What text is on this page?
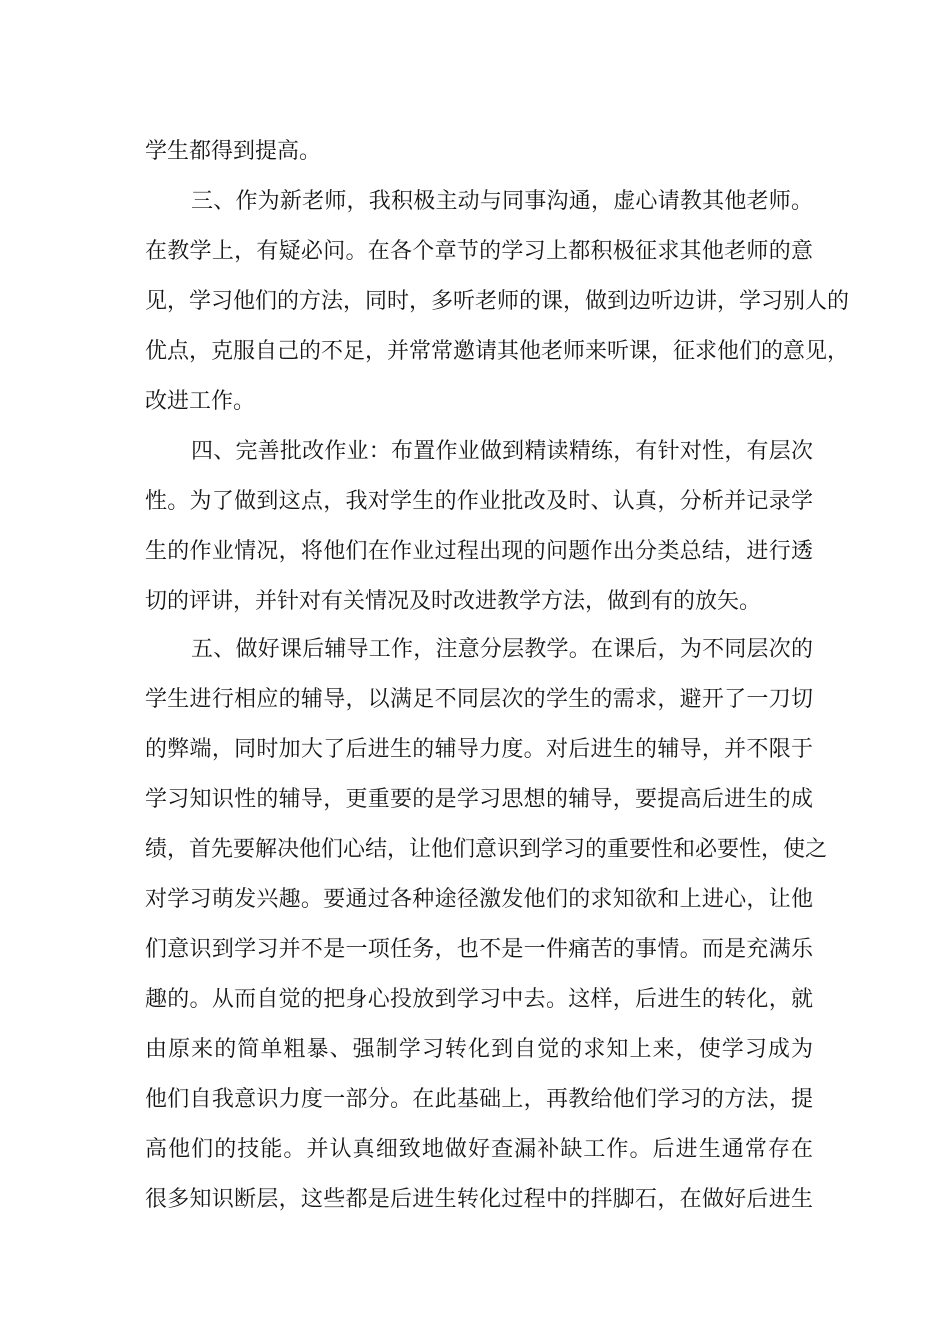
学生都得到提高。
三、作为新老师，我积极主动与同事沟通，虚心请教其他老师。
在教学上，有疑必问。在各个章节的学习上都积极征求其他老师的意
见，学习他们的方法，同时，多听老师的课，做到边听边讲，学习别人的
优点，克服自己的不足，并常常邀请其他老师来听课，征求他们的意见，
改进工作。
四、完善批改作业：布置作业做到精读精练，有针对性，有层次
性。为了做到这点，我对学生的作业批改及时、认真，分析并记录学
生的作业情况，将他们在作业过程出现的问题作出分类总结，进行透
切的评讲，并针对有关情况及时改进教学方法，做到有的放矢。
五、做好课后辅导工作，注意分层教学。在课后，为不同层次的
学生进行相应的辅导，以满足不同层次的学生的需求，避开了一刀切
的弊端，同时加大了后进生的辅导力度。对后进生的辅导，并不限于
学习知识性的辅导，更重要的是学习思想的辅导，要提高后进生的成
绩，首先要解决他们心结，让他们意识到学习的重要性和必要性，使之
对学习萌发兴趣。要通过各种途径激发他们的求知欲和上进心，让他
们意识到学习并不是一项任务，也不是一件痛苦的事情。而是充满乐
趣的。从而自觉的把身心投放到学习中去。这样，后进生的转化，就
由原来的简单粗暴、强制学习转化到自觉的求知上来，使学习成为
他们自我意识力度一部分。在此基础上，再教给他们学习的方法，提
高他们的技能。并认真细致地做好查漏补缺工作。后进生通常存在
很多知识断层，这些都是后进生转化过程中的拌脚石，在做好后进生
